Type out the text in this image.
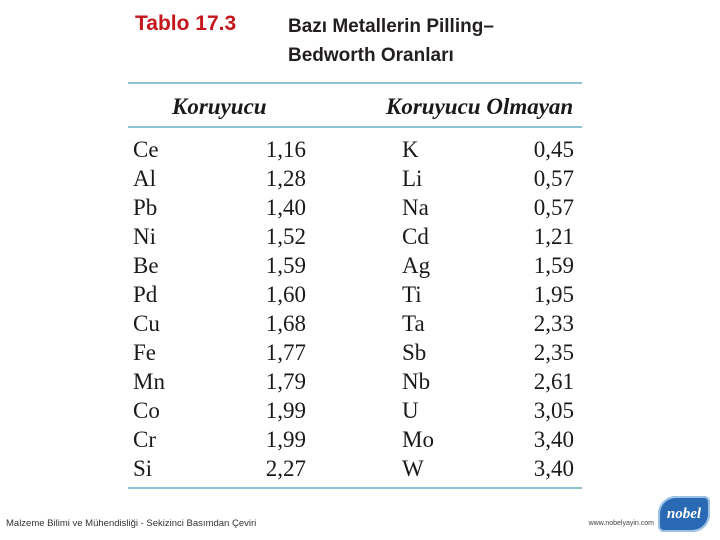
Tablo 17.3	Bazı Metallerin Pilling–
Bedworth Oranları
Koruyucu	Koruyucu Olmayan
Ce	1,16	K	0,45
Al	1,28	Li	0,57
Pb	1,40	Na	0,57
Ni	1,52	Cd	1,21
Be	1,59	Ag	1,59
Pd	1,60	Ti	1,95
Cu	1,68	Ta	2,33
Fe	1,77	Sb	2,35
Mn	1,79	Nb	2,61
Co	1,99	U	3,05
Cr	1,99	Mo	3,40
Si	2,27	W	3,40
Malzeme Bilimi ve Mühendisliği - Sekizinci Basımdan Çeviri	www.nobelyayin.com
nobel
